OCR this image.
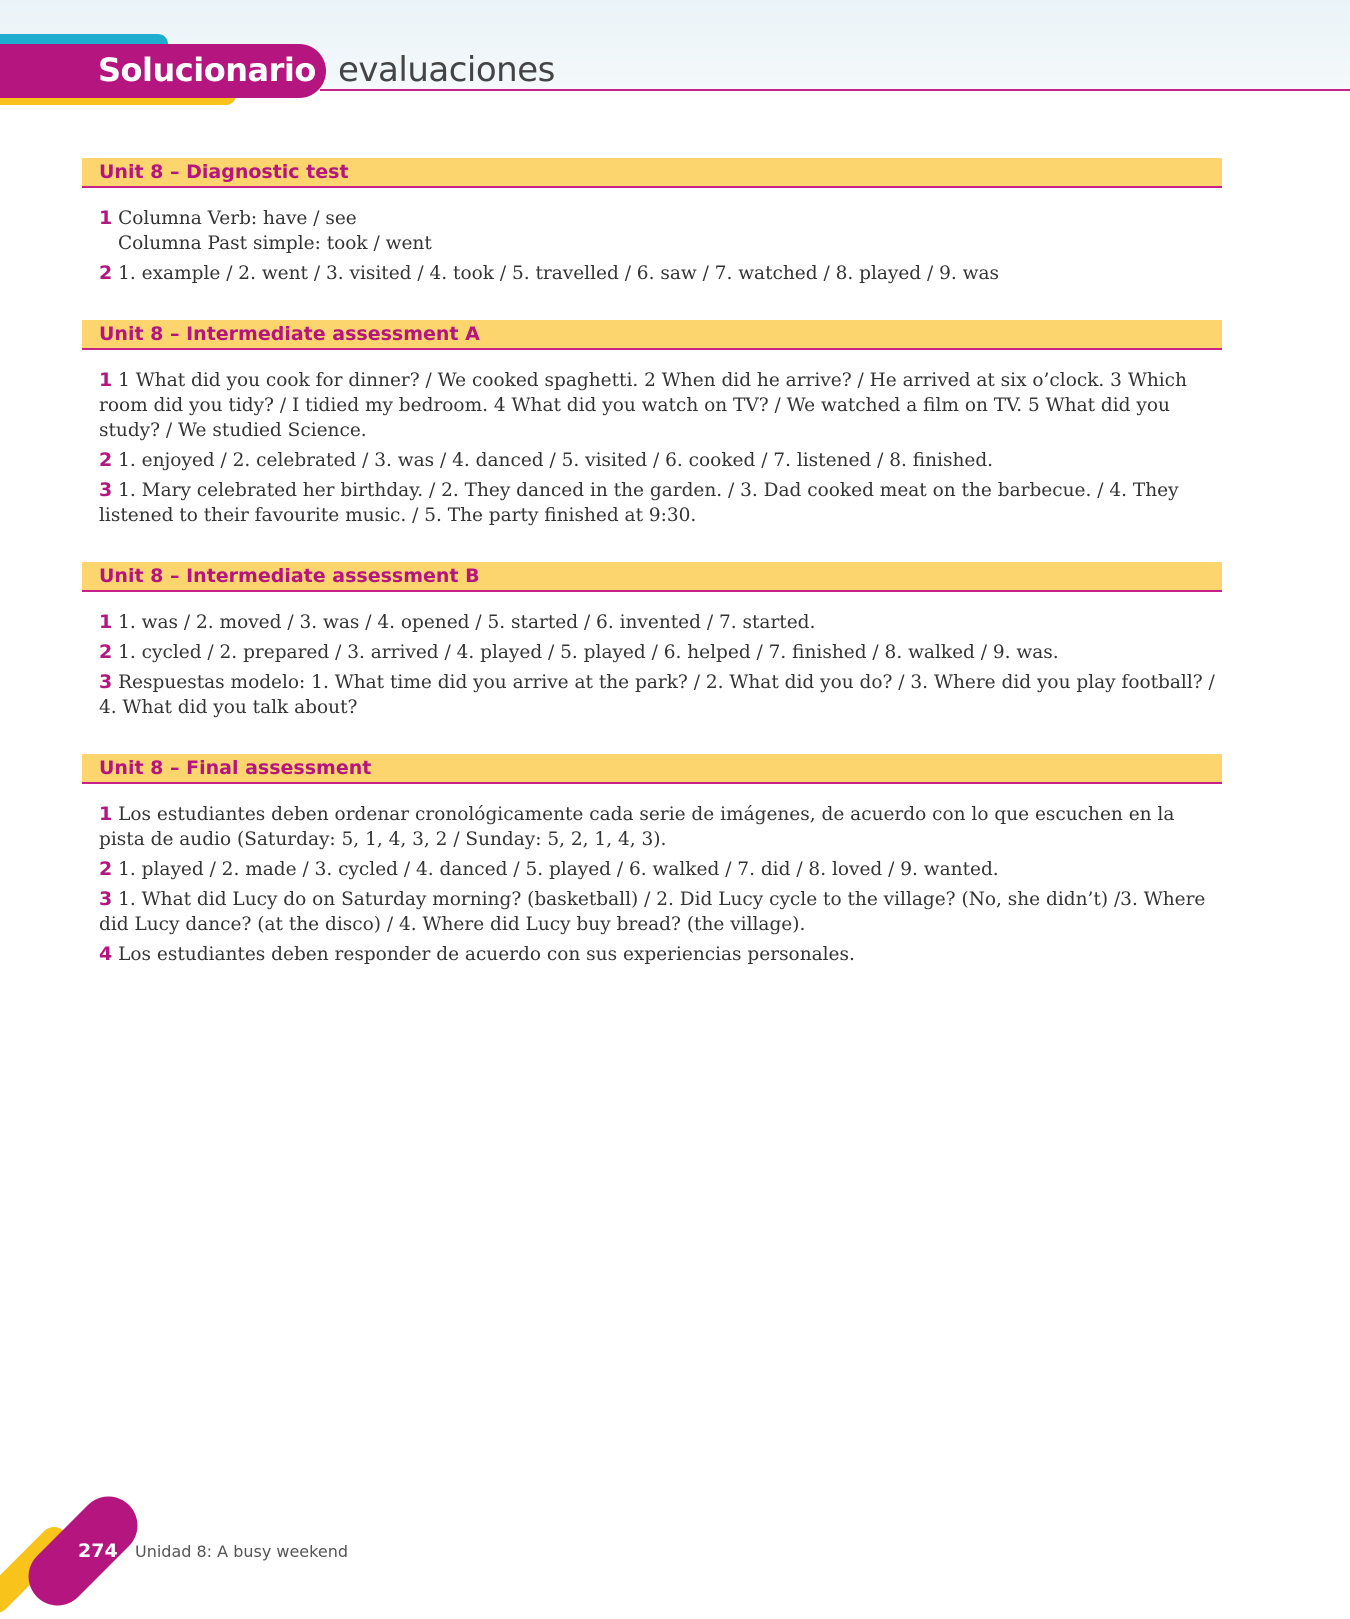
Solucionario evaluaciones
Unit 8 – Diagnostic test
1 Columna Verb: have / see
Columna Past simple: took / went
2 1. example / 2. went / 3. visited / 4. took / 5. travelled / 6. saw / 7. watched / 8. played / 9. was
Unit 8 – Intermediate assessment A
1 1 What did you cook for dinner? / We cooked spaghetti. 2 When did he arrive? / He arrived at six o’clock. 3 Which room did you tidy? / I tidied my bedroom. 4 What did you watch on TV? / We watched a film on TV. 5 What did you study? / We studied Science.
2 1. enjoyed / 2. celebrated / 3. was / 4. danced / 5. visited / 6. cooked / 7. listened / 8. finished.
3 1. Mary celebrated her birthday. / 2. They danced in the garden. / 3. Dad cooked meat on the barbecue. / 4. They listened to their favourite music. / 5. The party finished at 9:30.
Unit 8 – Intermediate assessment B
1 1. was / 2. moved / 3. was / 4. opened / 5. started / 6. invented / 7. started.
2 1. cycled / 2. prepared / 3. arrived / 4. played / 5. played / 6. helped / 7. finished / 8. walked / 9. was.
3 Respuestas modelo: 1. What time did you arrive at the park? / 2. What did you do? / 3. Where did you play football? / 4. What did you talk about?
Unit 8 – Final assessment
1 Los estudiantes deben ordenar cronológicamente cada serie de imágenes, de acuerdo con lo que escuchen en la pista de audio (Saturday: 5, 1, 4, 3, 2 / Sunday: 5, 2, 1, 4, 3).
2 1. played / 2. made / 3. cycled / 4. danced / 5. played / 6. walked / 7. did / 8. loved / 9. wanted.
3 1. What did Lucy do on Saturday morning? (basketball) / 2. Did Lucy cycle to the village? (No, she didn’t) /3. Where did Lucy dance? (at the disco) / 4. Where did Lucy buy bread? (the village).
4 Los estudiantes deben responder de acuerdo con sus experiencias personales.
274 Unidad 8: A busy weekend
